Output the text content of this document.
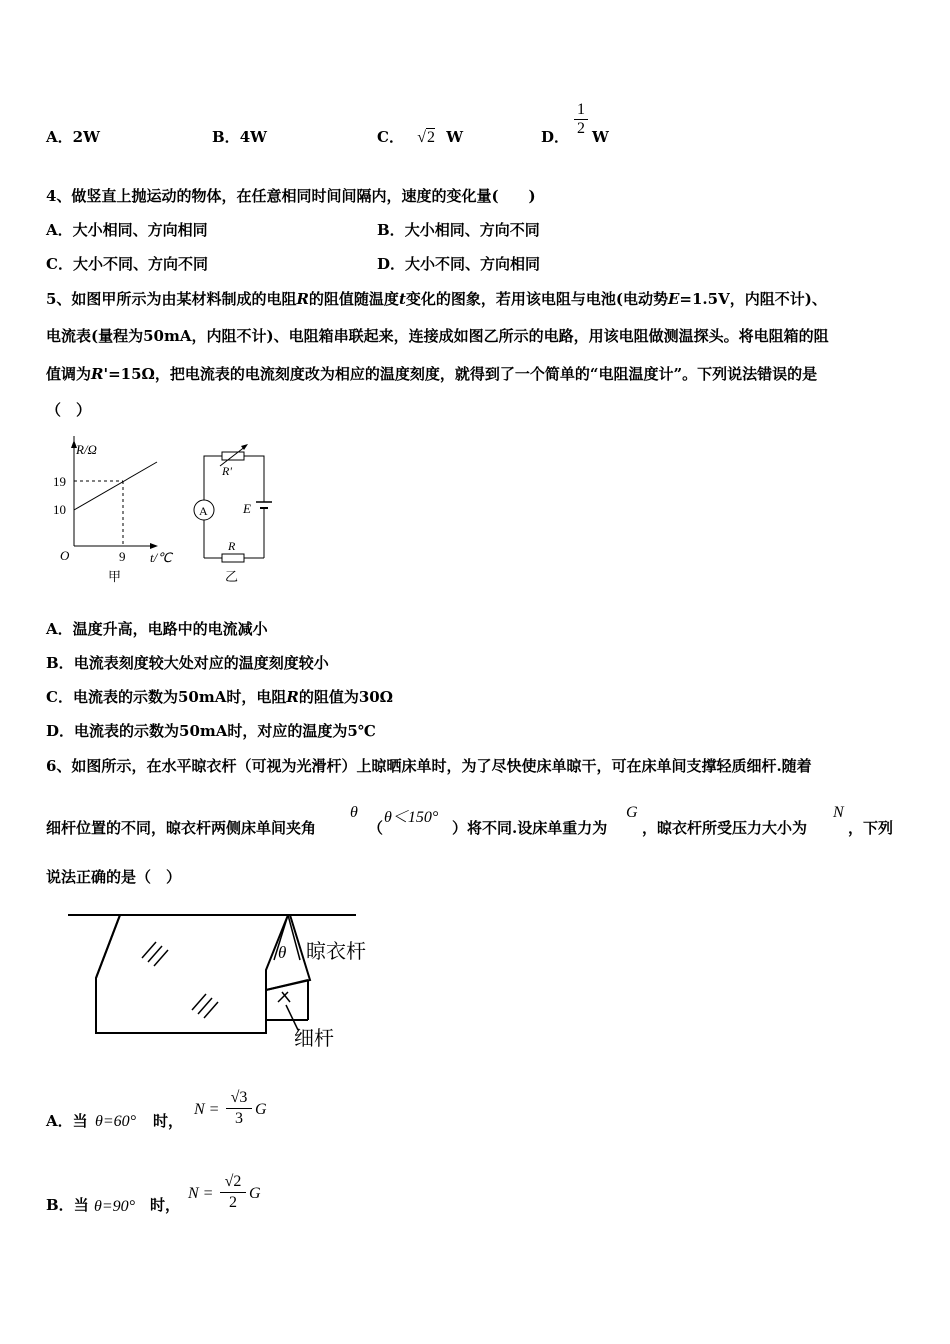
A．2W	B．4W	C． √2 W	D． $\frac{1}{2}$ W
4、做竖直上抛运动的物体，在任意相同时间间隔内，速度的变化量(　　)
A．大小相同、方向相同	B．大小相同、方向不同
C．大小不同、方向不同	D．大小不同、方向相同
5、如图甲所示为由某材料制成的电阻R的阻值随温度t变化的图象，若用该电阻与电池(电动势E=1.5V，内阻不计)、
电流表(量程为50mA，内阻不计)、电阻箱串联起来，连接成如图乙所示的电路，用该电阻做测温探头。将电阻箱的阻
值调为R'=15Ω，把电流表的电流刻度改为相应的温度刻度，就得到了一个简单的“电阻温度计”。下列说法错误的是
（　）
R/Ω
19
10
O	9 t/℃
甲
R'
A	E
R
乙
A．温度升高，电路中的电流减小
B．电流表刻度较大处对应的温度刻度较小
C．电流表的示数为50mA时，电阻R的阻值为30Ω
D．电流表的示数为50mA时，对应的温度为5℃
6、如图所示，在水平晾衣杆（可视为光滑杆）上晾晒床单时，为了尽快使床单晾干，可在床单间支撑轻质细杆.随着
细杆位置的不同，晾衣杆两侧床单间夹角
θ
（
θ＜150°
）将不同.设床单重力为
G
，晾衣杆所受压力大小为
N
，下列
说法正确的是（　）
θ 晾衣杆
细杆
A．当 θ=60° 时，
$N = \frac{√3}{3}$ G
B．当 θ=90° 时，
$N = \frac{√2}{2}$ G
